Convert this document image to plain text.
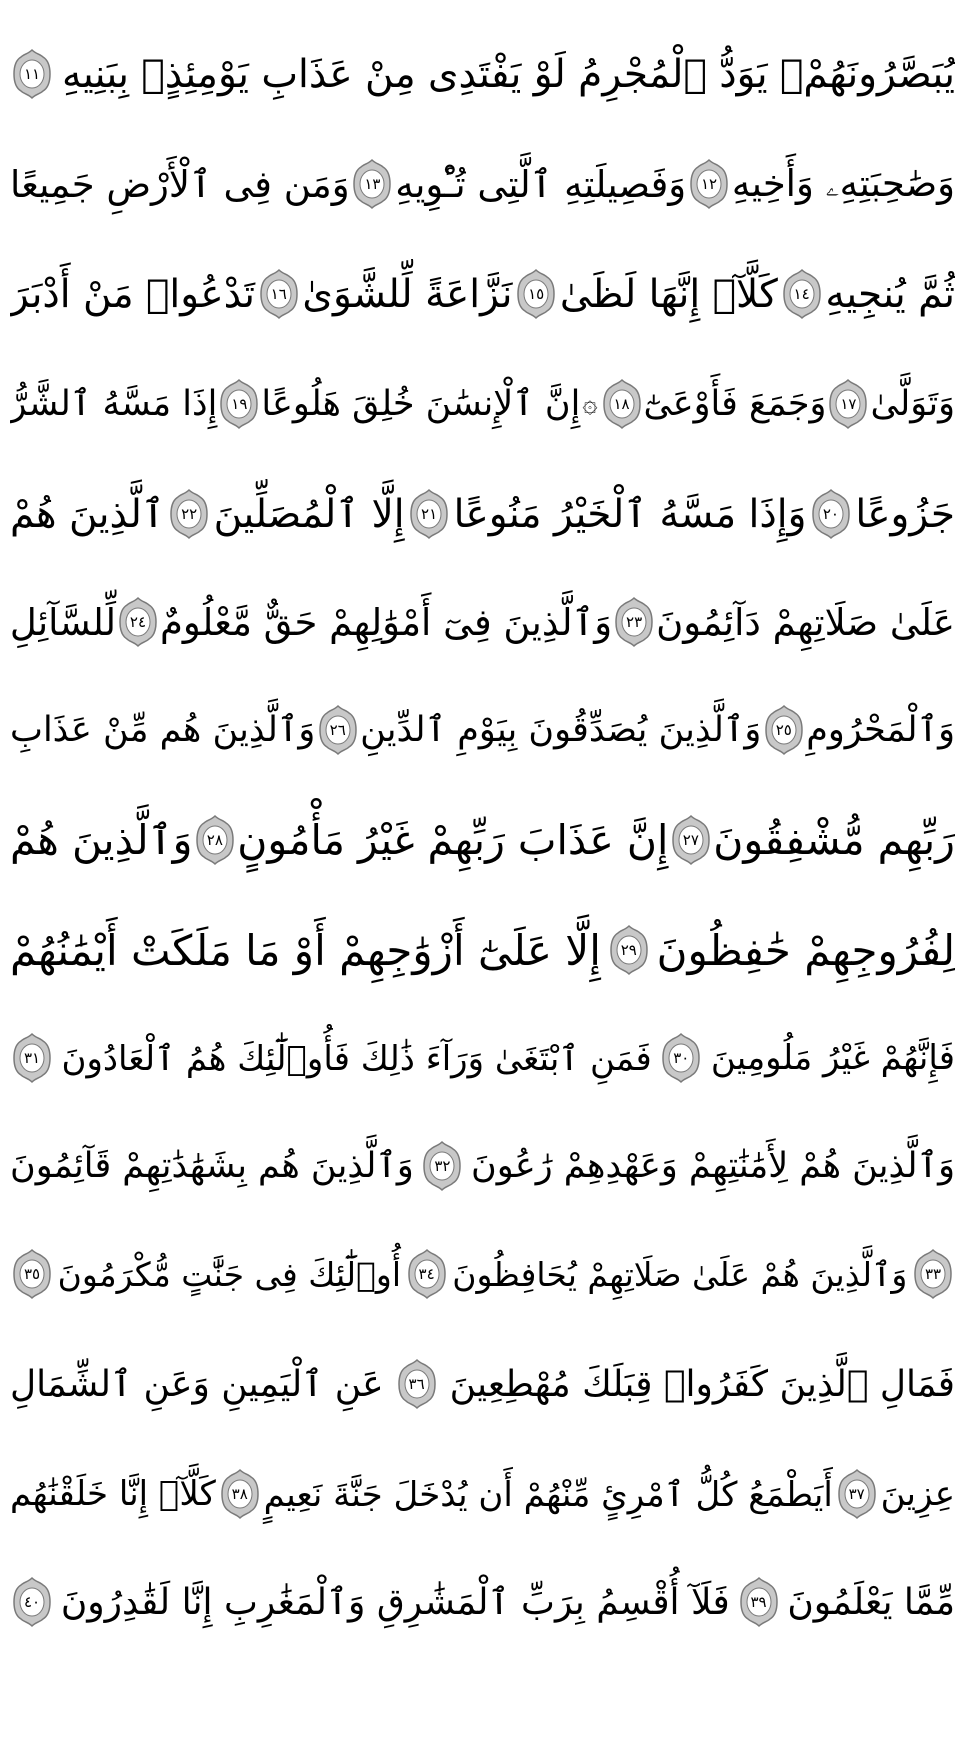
يُبَصَّرُونَهُمْۚ يَوَدُّ ٱلْمُجْرِمُ لَوْ يَفْتَدِى مِنْ عَذَابِ يَوْمِئِذٍۭ بِبَنِيهِ
١١
وَصَٰحِبَتِهِۦ وَأَخِيهِ
١٢
وَفَصِيلَتِهِ ٱلَّتِى تُـْٔوِيهِ
١٣
وَمَن فِى ٱلْأَرْضِ جَمِيعًا
ثُمَّ يُنجِيهِ
١٤
كَلَّآۖ إِنَّهَا لَظَىٰ
١٥
نَزَّاعَةً لِّلشَّوَىٰ
١٦
تَدْعُوا۟ مَنْ أَدْبَرَ
وَتَوَلَّىٰ
١٧
وَجَمَعَ فَأَوْعَىٰٓ
١٨
۞
إِنَّ ٱلْإِنسَٰنَ خُلِقَ هَلُوعًا
١٩
إِذَا مَسَّهُ ٱلشَّرُّ
جَزُوعًا
٢٠
وَإِذَا مَسَّهُ ٱلْخَيْرُ مَنُوعًا
٢١
إِلَّا ٱلْمُصَلِّينَ
٢٢
ٱلَّذِينَ هُمْ
عَلَىٰ صَلَاتِهِمْ دَآئِمُونَ
٢٣
وَٱلَّذِينَ فِىٓ أَمْوَٰلِهِمْ حَقٌّ مَّعْلُومٌ
٢٤
لِّلسَّآئِلِ
وَٱلْمَحْرُومِ
٢٥
وَٱلَّذِينَ يُصَدِّقُونَ بِيَوْمِ ٱلدِّينِ
٢٦
وَٱلَّذِينَ هُم مِّنْ عَذَابِ
رَبِّهِم مُّشْفِقُونَ
٢٧
إِنَّ عَذَابَ رَبِّهِمْ غَيْرُ مَأْمُونٍ
٢٨
وَٱلَّذِينَ هُمْ
لِفُرُوجِهِمْ حَٰفِظُونَ
٢٩
إِلَّا عَلَىٰٓ أَزْوَٰجِهِمْ أَوْ مَا مَلَكَتْ أَيْمَٰنُهُمْ
فَإِنَّهُمْ غَيْرُ مَلُومِينَ
٣٠
فَمَنِ ٱبْتَغَىٰ وَرَآءَ ذَٰلِكَ فَأُو۟لَٰٓئِكَ هُمُ ٱلْعَادُونَ
٣١
وَٱلَّذِينَ هُمْ لِأَمَٰنَٰتِهِمْ وَعَهْدِهِمْ رَٰعُونَ
٣٢
وَٱلَّذِينَ هُم بِشَهَٰدَٰتِهِمْ قَآئِمُونَ
٣٣
وَٱلَّذِينَ هُمْ عَلَىٰ صَلَاتِهِمْ يُحَافِظُونَ
٣٤
أُو۟لَٰٓئِكَ فِى جَنَّٰتٍ مُّكْرَمُونَ
٣٥
فَمَالِ ٱلَّذِينَ كَفَرُوا۟ قِبَلَكَ مُهْطِعِينَ
٣٦
عَنِ ٱلْيَمِينِ وَعَنِ ٱلشِّمَالِ
عِزِينَ
٣٧
أَيَطْمَعُ كُلُّ ٱمْرِئٍ مِّنْهُمْ أَن يُدْخَلَ جَنَّةَ نَعِيمٍ
٣٨
كَلَّآۖ إِنَّا خَلَقْنَٰهُم
مِّمَّا يَعْلَمُونَ
٣٩
فَلَآ أُقْسِمُ بِرَبِّ ٱلْمَشَٰرِقِ وَٱلْمَغَٰرِبِ إِنَّا لَقَٰدِرُونَ
٤٠
